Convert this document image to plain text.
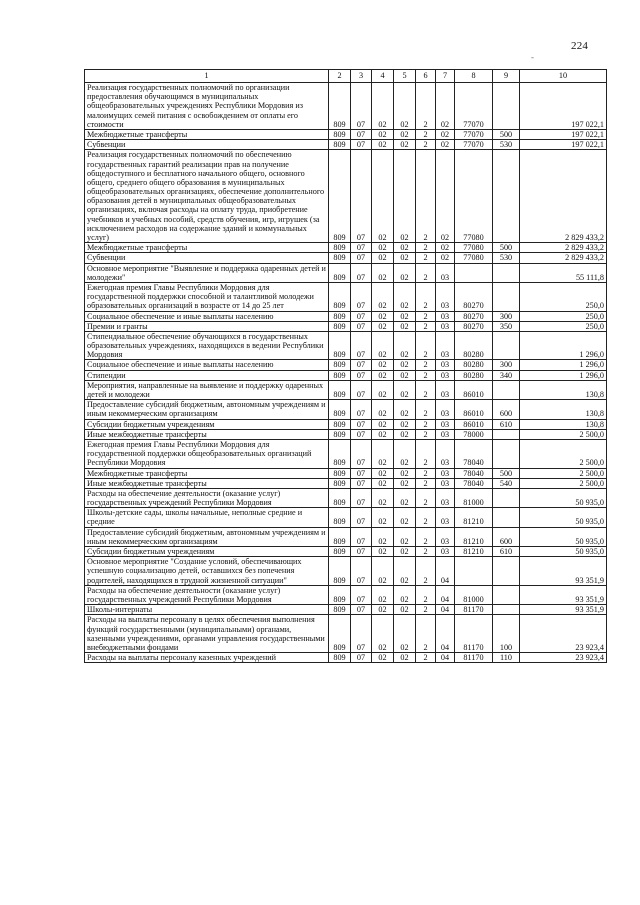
224
-
1	2	3	4	5	6	7	8	9	10
Реализация государственных полномочий по организации предоставления обучающимся в муниципальных общеобразовательных учреждениях Республики Мордовия из малоимущих семей питания с освобождением от оплаты его стоимости	809	07	02	02	2	02	77070		197 022,1
Межбюджетные трансферты	809	07	02	02	2	02	77070	500	197 022,1
Субвенции	809	07	02	02	2	02	77070	530	197 022,1
Реализация государственных полномочий по обеспечению государственных гарантий реализации прав на получение общедоступного и бесплатного начального общего, основного общего, среднего общего образования в муниципальных общеобразовательных организациях, обеспечение дополнительного образования детей в муниципальных общеобразовательных организациях, включая расходы на оплату труда, приобретение учебников и учебных пособий, средств обучения, игр, игрушек (за исключением расходов на содержание зданий и коммунальных услуг)	809	07	02	02	2	02	77080		2 829 433,2
Межбюджетные трансферты	809	07	02	02	2	02	77080	500	2 829 433,2
Субвенции	809	07	02	02	2	02	77080	530	2 829 433,2
Основное мероприятие "Выявление и поддержка одаренных детей и молодежи"	809	07	02	02	2	03			55 111,8
Ежегодная премия Главы Республики Мордовия для государственной поддержки способной и талантливой молодежи образовательных организаций в возрасте от 14 до 25 лет	809	07	02	02	2	03	80270		250,0
Социальное обеспечение и иные выплаты населению	809	07	02	02	2	03	80270	300	250,0
Премии и гранты	809	07	02	02	2	03	80270	350	250,0
Стипендиальное обеспечение обучающихся в государственных образовательных учреждениях, находящихся в ведении Республики Мордовия	809	07	02	02	2	03	80280		1 296,0
Социальное обеспечение и иные выплаты населению	809	07	02	02	2	03	80280	300	1 296,0
Стипендии	809	07	02	02	2	03	80280	340	1 296,0
Мероприятия, направленные на выявление и поддержку одаренных детей и молодежи	809	07	02	02	2	03	86010		130,8
Предоставление субсидий бюджетным, автономным учреждениям и иным некоммерческим организациям	809	07	02	02	2	03	86010	600	130,8
Субсидии бюджетным учреждениям	809	07	02	02	2	03	86010	610	130,8
Иные межбюджетные трансферты	809	07	02	02	2	03	78000		2 500,0
Ежегодная премия Главы Республики Мордовия для государственной поддержки общеобразовательных организаций Республики Мордовия	809	07	02	02	2	03	78040		2 500,0
Межбюджетные трансферты	809	07	02	02	2	03	78040	500	2 500,0
Иные межбюджетные трансферты	809	07	02	02	2	03	78040	540	2 500,0
Расходы на обеспечение деятельности (оказание услуг) государственных учреждений Республики Мордовия	809	07	02	02	2	03	81000		50 935,0
Школы-детские сады, школы начальные, неполные средние и средние	809	07	02	02	2	03	81210		50 935,0
Предоставление субсидий бюджетным, автономным учреждениям и иным некоммерческим организациям	809	07	02	02	2	03	81210	600	50 935,0
Субсидии бюджетным учреждениям	809	07	02	02	2	03	81210	610	50 935,0
Основное мероприятие "Создание условий, обеспечивающих успешную социализацию детей, оставшихся без попечения родителей, находящихся в трудной жизненной ситуации"	809	07	02	02	2	04			93 351,9
Расходы на обеспечение деятельности (оказание услуг) государственных учреждений Республики Мордовия	809	07	02	02	2	04	81000		93 351,9
Школы-интернаты	809	07	02	02	2	04	81170		93 351,9
Расходы на выплаты персоналу в целях обеспечения выполнения функций государственными (муниципальными) органами, казенными учреждениями, органами управления государственными внебюджетными фондами	809	07	02	02	2	04	81170	100	23 923,4
Расходы на выплаты персоналу казенных учреждений	809	07	02	02	2	04	81170	110	23 923,4
